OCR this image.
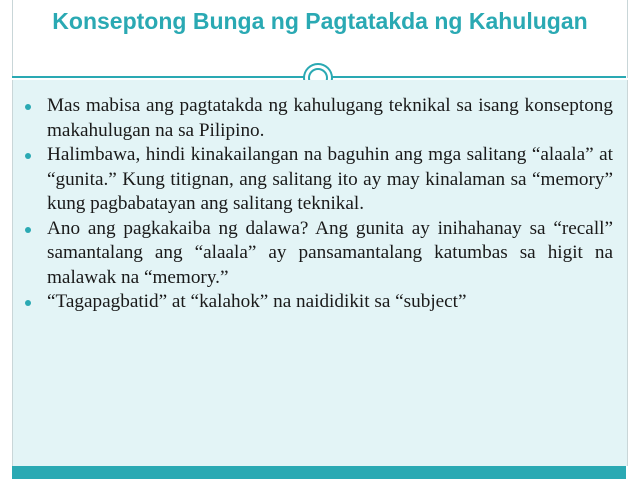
Konseptong Bunga ng Pagtatakda ng Kahulugan
Mas mabisa ang pagtatakda ng kahulugang teknikal sa isang konseptong makahulugan na sa Pilipino.
Halimbawa, hindi kinakailangan na baguhin ang mga salitang “alaala” at “gunita.” Kung titignan, ang salitang ito ay may kinalaman sa “memory” kung pagbabatayan ang salitang teknikal.
Ano ang pagkakaiba ng dalawa? Ang gunita ay inihahanay sa “recall” samantalang ang “alaala” ay pansamantalang katumbas sa higit na malawak na “memory.”
“Tagapagbatid” at “kalahok” na naididikit sa “subject”
